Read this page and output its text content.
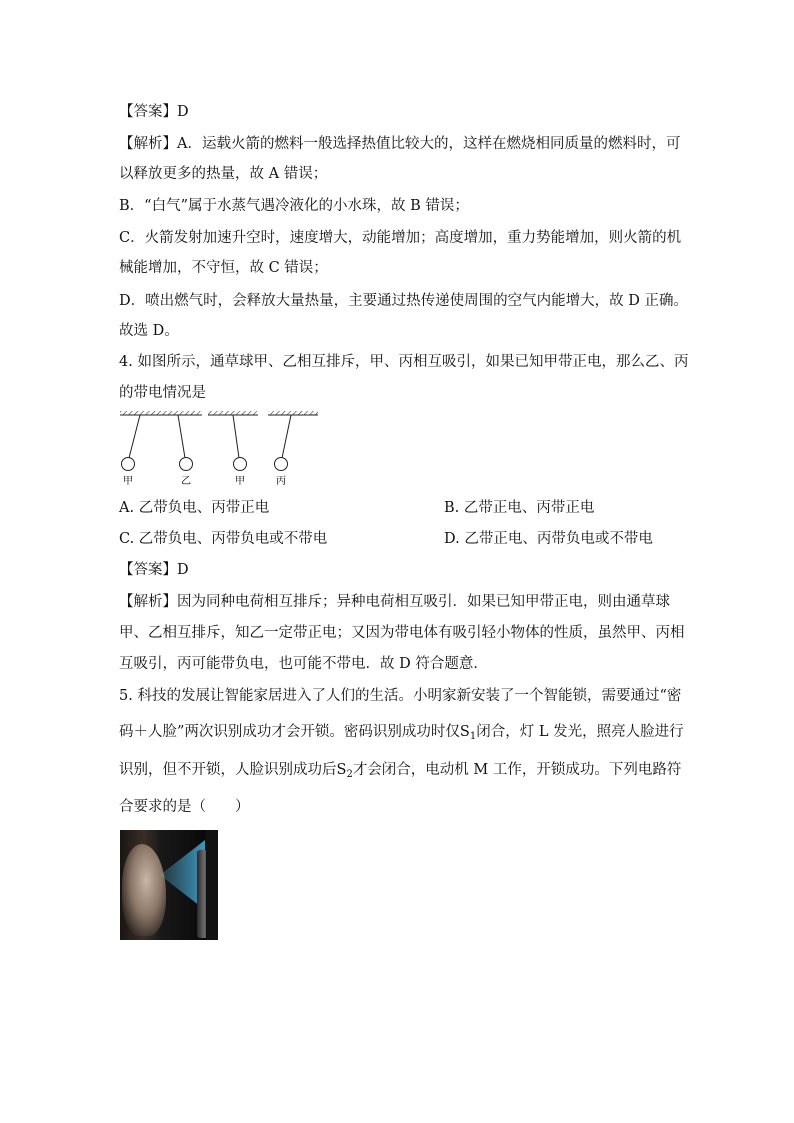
【答案】D
【解析】A．运载火箭的燃料一般选择热值比较大的，这样在燃烧相同质量的燃料时，可
以释放更多的热量，故 A 错误；
B．“白气”属于水蒸气遇冷液化的小水珠，故 B 错误；
C．火箭发射加速升空时，速度增大，动能增加；高度增加，重力势能增加，则火箭的机
械能增加，不守恒，故 C 错误；
D．喷出燃气时，会释放大量热量，主要通过热传递使周围的空气内能增大，故 D 正确。
故选 D。
4. 如图所示，通草球甲、乙相互排斥，甲、丙相互吸引，如果已知甲带正电，那么乙、丙
的带电情况是
甲	乙	甲	丙
A. 乙带负电、丙带正电	B. 乙带正电、丙带正电
C. 乙带负电、丙带负电或不带电	D. 乙带正电、丙带负电或不带电
【答案】D
【解析】因为同种电荷相互排斥；异种电荷相互吸引．如果已知甲带正电，则由通草球
甲、乙相互排斥，知乙一定带正电；又因为带电体有吸引轻小物体的性质，虽然甲、丙相
互吸引，丙可能带负电，也可能不带电．故 D 符合题意．
5. 科技的发展让智能家居进入了人们的生活。小明家新安装了一个智能锁，需要通过“密
码＋人脸”两次识别成功才会开锁。密码识别成功时仅$S_1$闭合，灯 L 发光，照亮人脸进行
识别，但不开锁，人脸识别成功后$S_2$才会闭合，电动机 M 工作，开锁成功。下列电路符
合要求的是（　　）
